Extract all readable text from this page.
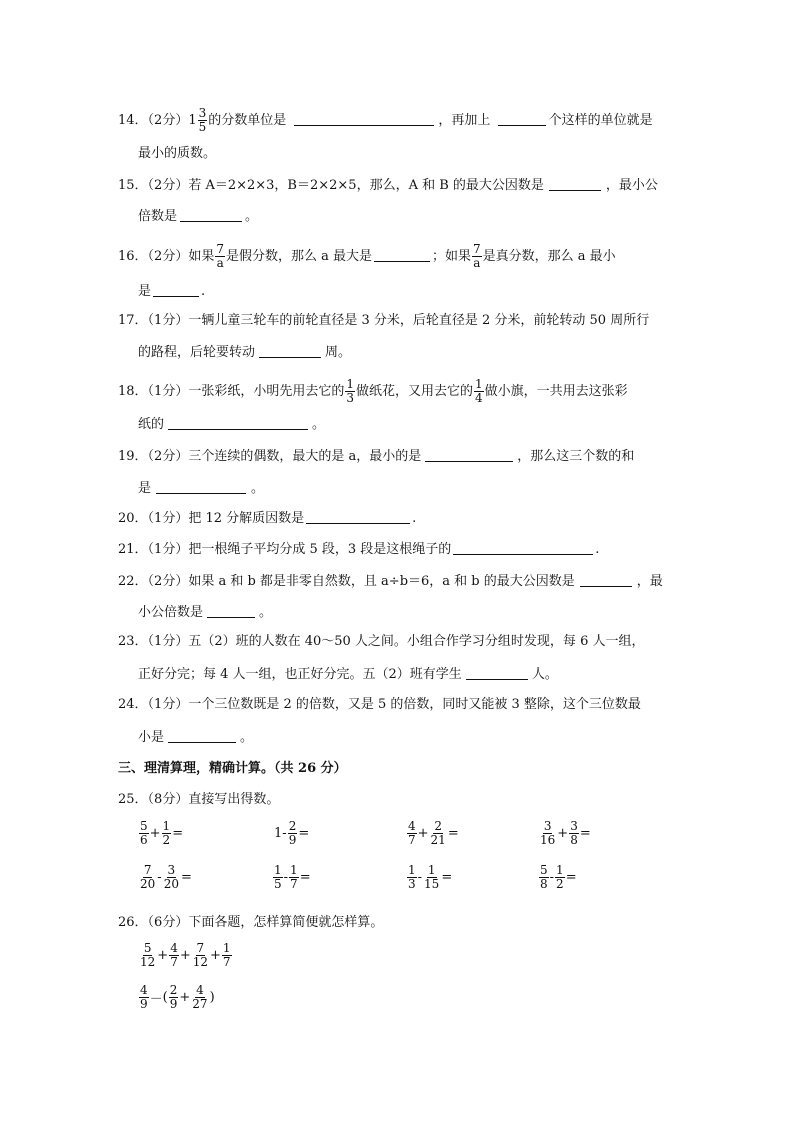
14．（2分）$1 \frac{3}{5}$ 的分数单位是	，再加上	个这样的单位就是
最小的质数。
15．（2分）若 A＝2×2×3，B＝2×2×5，那么，A 和 B 的最大公因数是	，最小公
倍数是	。
16．（2分）如果 $\frac{7}{a}$ 是假分数，那么 a 最大是	；如果 $\frac{7}{a}$ 是真分数，那么 a 最小
是	.
17．（1分）一辆儿童三轮车的前轮直径是 3 分米，后轮直径是 2 分米，前轮转动 50 周所行
的路程，后轮要转动	周。
18．（1分）一张彩纸，小明先用去它的 $\frac{1}{3}$ 做纸花，又用去它的 $\frac{1}{4}$ 做小旗，一共用去这张彩
纸的	。
19．（2分）三个连续的偶数，最大的是 a，最小的是	，那么这三个数的和
是	。
20．（1分）把 12 分解质因数是	.
21．（1分）把一根绳子平均分成 5 段，3 段是这根绳子的	.
22．（2分）如果 a 和 b 都是非零自然数，且 a÷b＝6，a 和 b 的最大公因数是	，最
小公倍数是	。
23．（1分）五（2）班的人数在 40～50 人之间。小组合作学习分组时发现，每 6 人一组，
正好分完；每 4 人一组，也正好分完。五（2）班有学生	人。
24．（1分）一个三位数既是 2 的倍数，又是 5 的倍数，同时又能被 3 整除，这个三位数最
小是	。
三、理清算理，精确计算。（共 26 分）
25．（8分）直接写出得数。
$\frac{5}{6} + \frac{1}{2}$ =	$1 - \frac{2}{9}$ =	$\frac{4}{7} + \frac{2}{21}$ =	$\frac{3}{16} + \frac{3}{8}$ =
$\frac{7}{20} - \frac{3}{20}$ =	$\frac{1}{5} - \frac{1}{7}$ =	$\frac{1}{3} - \frac{1}{15}$ =	$\frac{5}{8} - \frac{1}{2}$ =
26．（6分）下面各题，怎样算简便就怎样算。
$\frac{5}{12} + \frac{4}{7} + \frac{7}{12} + \frac{1}{7}$
$\frac{4}{9}$ － ( $\frac{2}{9} + \frac{4}{27}$ )
